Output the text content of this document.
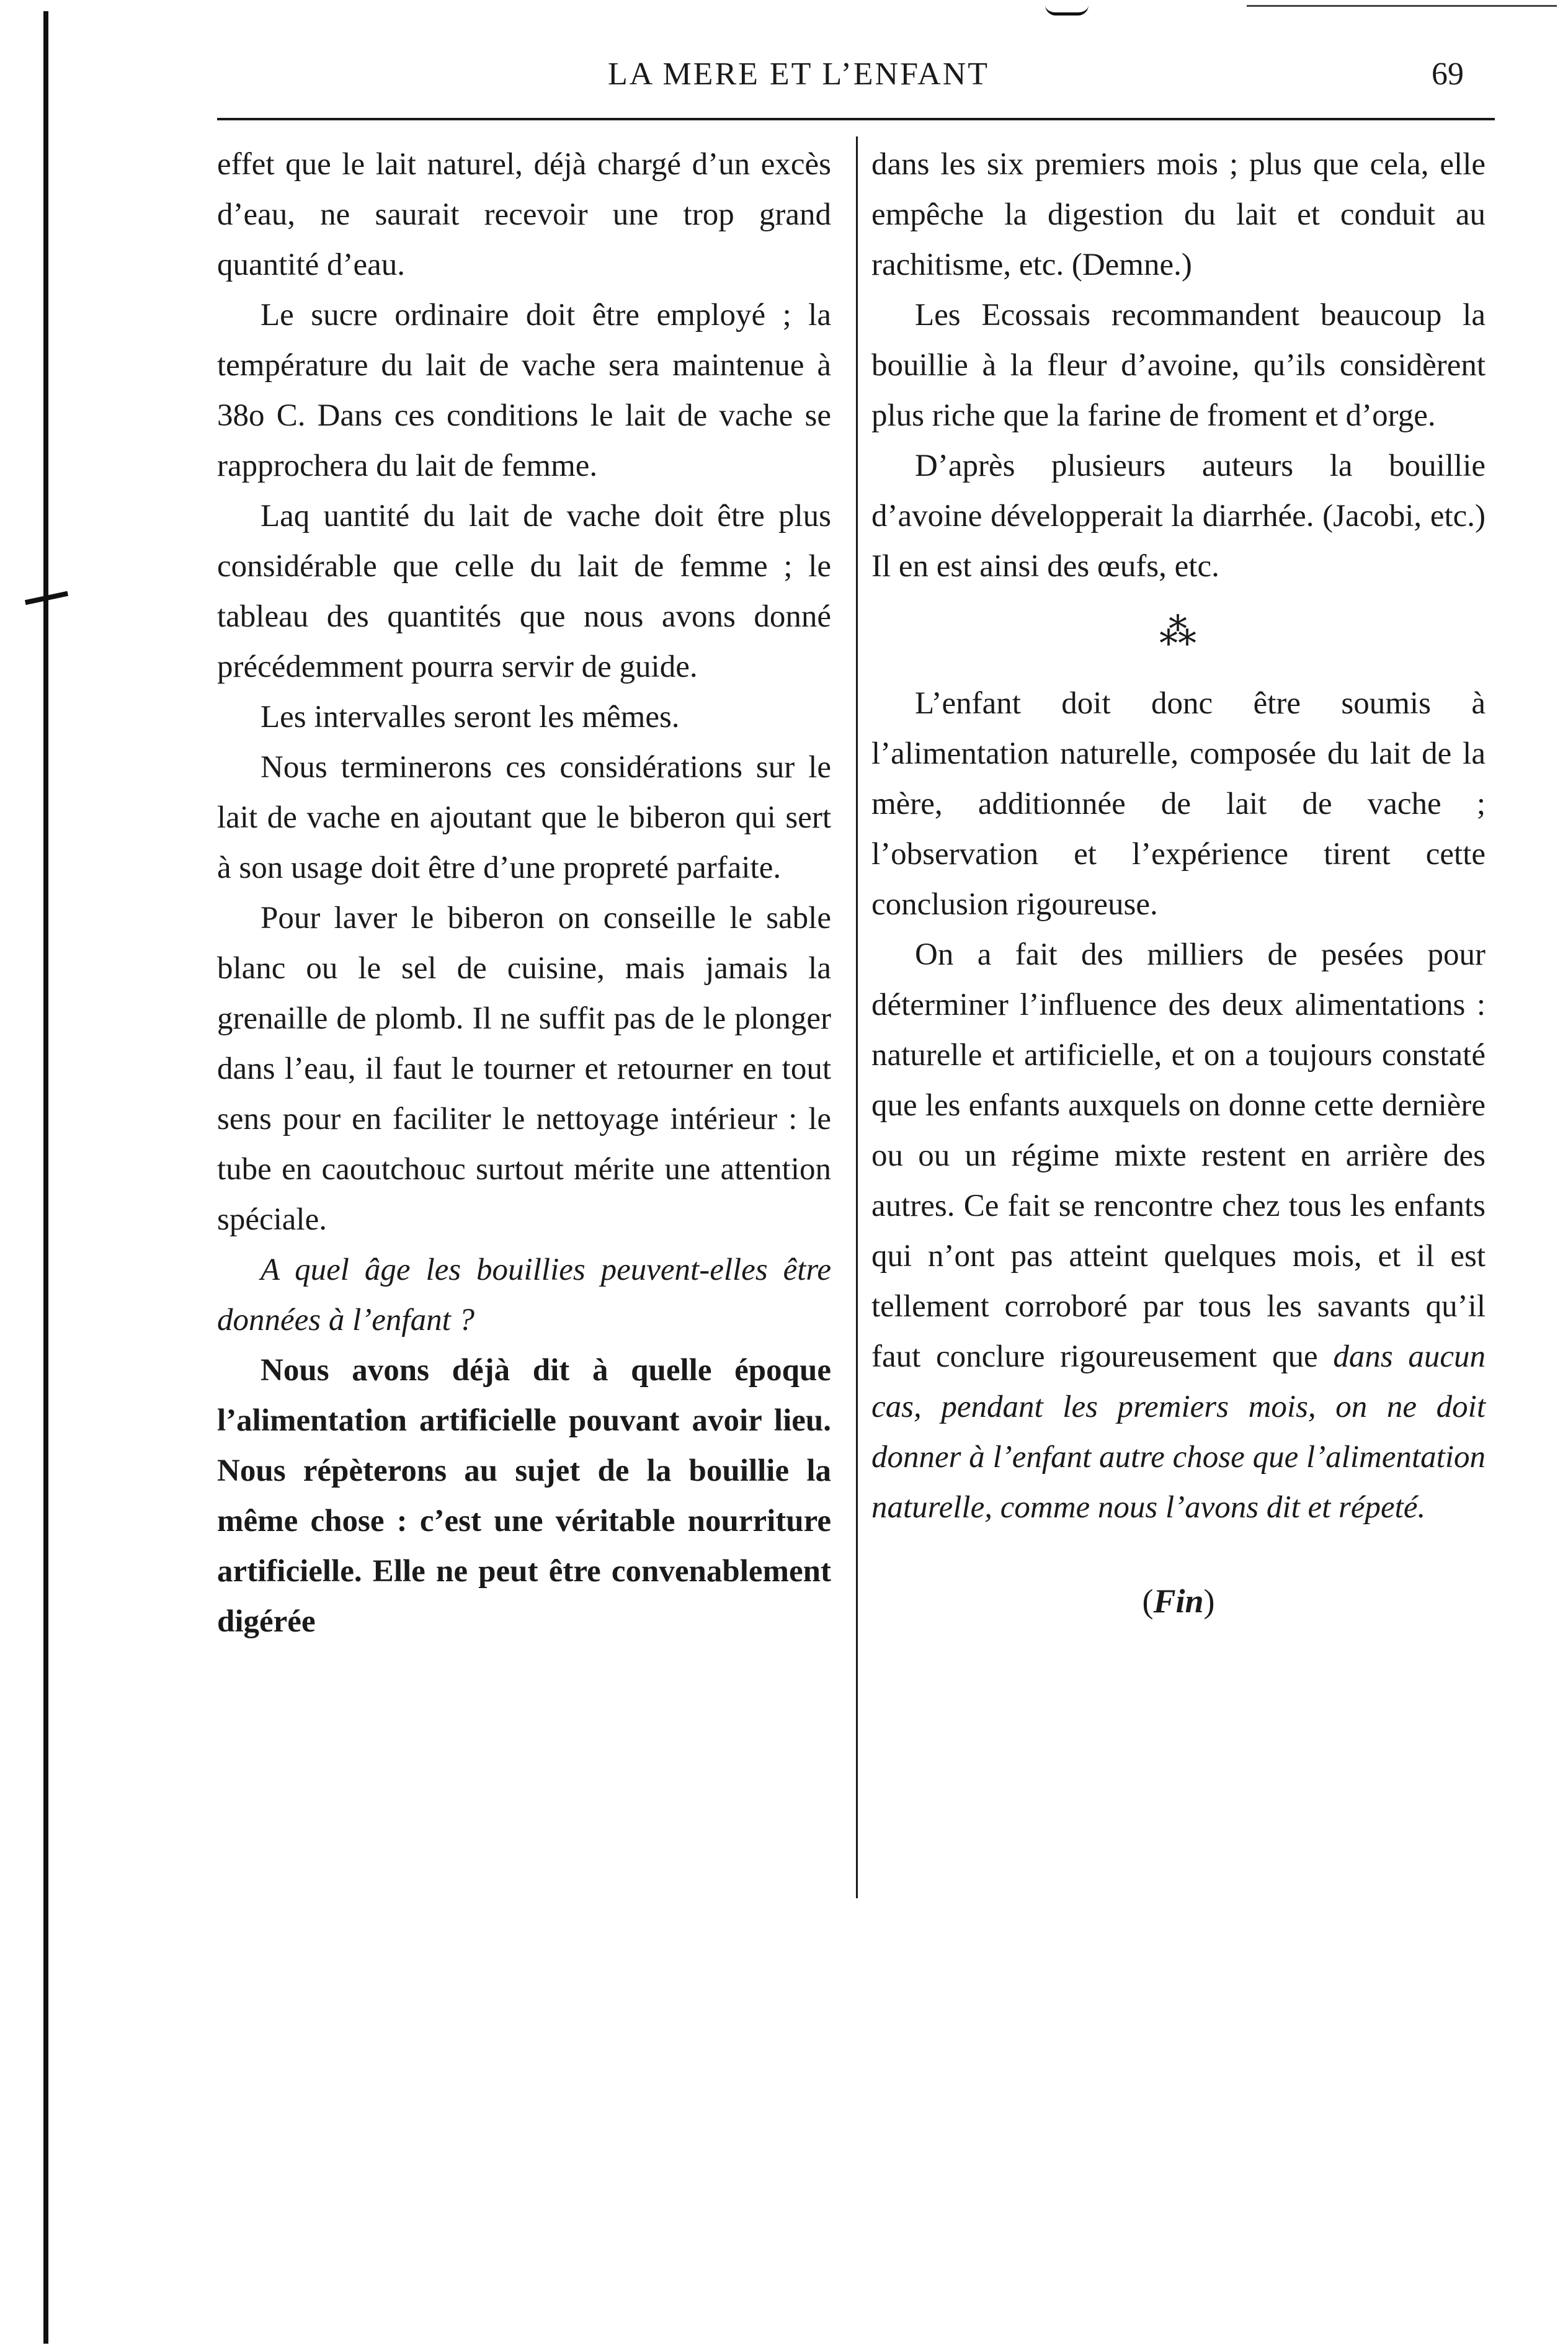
LA MERE ET L’ENFANT	69

effet que le lait naturel, déjà chargé d’un excès d’eau, ne saurait recevoir une trop grand quantité d’eau.

Le sucre ordinaire doit être employé ; la température du lait de vache sera maintenue à 38o C. Dans ces conditions le lait de vache se rapprochera du lait de femme.

Laq uantité du lait de vache doit être plus considérable que celle du lait de femme ; le tableau des quantités que nous avons donné précédemment pourra servir de guide.

Les intervalles seront les mêmes.

Nous terminerons ces considérations sur le lait de vache en ajoutant que le biberon qui sert à son usage doit être d’une propreté parfaite.

Pour laver le biberon on conseille le sable blanc ou le sel de cuisine, mais jamais la grenaille de plomb. Il ne suffit pas de le plonger dans l’eau, il faut le tourner et retourner en tout sens pour en faciliter le nettoyage intérieur : le tube en caoutchouc surtout mérite une attention spéciale.

A quel âge les bouillies peuvent-elles être données à l’enfant ?

Nous avons déjà dit à quelle époque l’alimentation artificielle pouvant avoir lieu. Nous répèterons au sujet de la bouillie la même chose : c’est une véritable nourriture artificielle. Elle ne peut être convenablement digérée

dans les six premiers mois ; plus que cela, elle empêche la digestion du lait et conduit au rachitisme, etc. (Demne.)

Les Ecossais recommandent beaucoup la bouillie à la fleur d’avoine, qu’ils considèrent plus riche que la farine de froment et d’orge.

D’après plusieurs auteurs la bouillie d’avoine développerait la diarrhée. (Jacobi, etc.) Il en est ainsi des œufs, etc.

⁂

L’enfant doit donc être soumis à l’alimentation naturelle, composée du lait de la mère, additionnée de lait de vache ; l’observation et l’expérience tirent cette conclusion rigoureuse.

On a fait des milliers de pesées pour déterminer l’influence des deux alimentations : naturelle et artificielle, et on a toujours constaté que les enfants auxquels on donne cette dernière ou ou un régime mixte restent en arrière des autres. Ce fait se rencontre chez tous les enfants qui n’ont pas atteint quelques mois, et il est tellement corroboré par tous les savants qu’il faut conclure rigoureusement que dans aucun cas, pendant les premiers mois, on ne doit donner à l’enfant autre chose que l’alimentation naturelle, comme nous l’avons dit et répeté.

(Fin)
